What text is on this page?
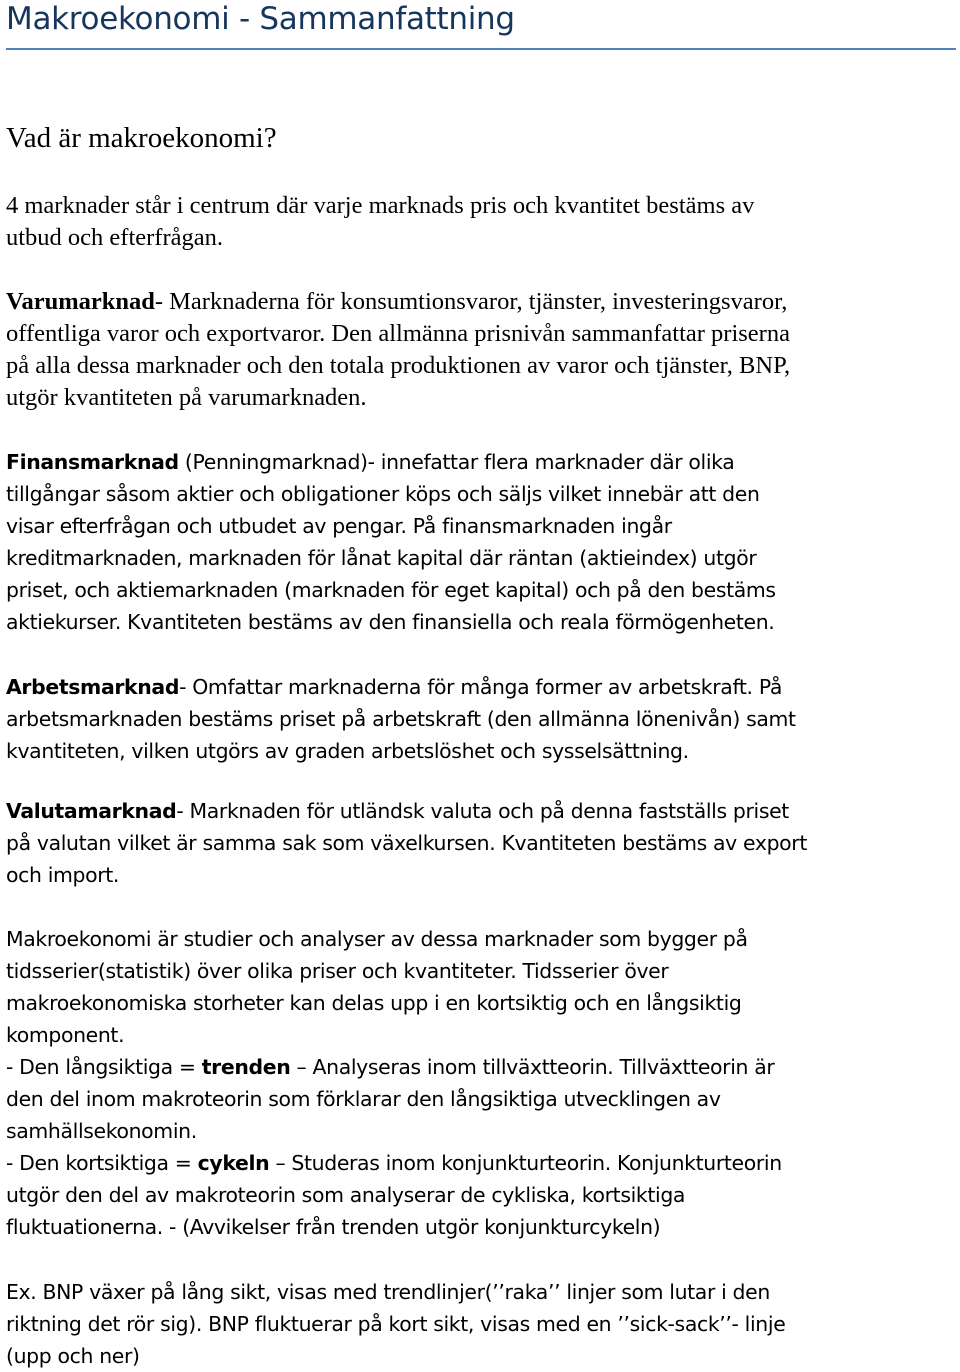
Makroekonomi - Sammanfattning
Vad är makroekonomi?
4 marknader står i centrum där varje marknads pris och kvantitet bestäms av
utbud och efterfrågan.
Varumarknad- Marknaderna för konsumtionsvaror, tjänster, investeringsvaror,
offentliga varor och exportvaror. Den allmänna prisnivån sammanfattar priserna
på alla dessa marknader och den totala produktionen av varor och tjänster, BNP,
utgör kvantiteten på varumarknaden.
Finansmarknad (Penningmarknad)- innefattar flera marknader där olika
tillgångar såsom aktier och obligationer köps och säljs vilket innebär att den
visar efterfrågan och utbudet av pengar. På finansmarknaden ingår
kreditmarknaden, marknaden för lånat kapital där räntan (aktieindex) utgör
priset, och aktiemarknaden (marknaden för eget kapital) och på den bestäms
aktiekurser. Kvantiteten bestäms av den finansiella och reala förmögenheten.
Arbetsmarknad- Omfattar marknaderna för många former av arbetskraft. På
arbetsmarknaden bestäms priset på arbetskraft (den allmänna lönenivån) samt
kvantiteten, vilken utgörs av graden arbetslöshet och sysselsättning.
Valutamarknad- Marknaden för utländsk valuta och på denna fastställs priset
på valutan vilket är samma sak som växelkursen. Kvantiteten bestäms av export
och import.
Makroekonomi är studier och analyser av dessa marknader som bygger på
tidsserier(statistik) över olika priser och kvantiteter. Tidsserier över
makroekonomiska storheter kan delas upp i en kortsiktig och en långsiktig
komponent.
- Den långsiktiga = trenden – Analyseras inom tillväxtteorin. Tillväxtteorin är
den del inom makroteorin som förklarar den långsiktiga utvecklingen av
samhällsekonomin.
- Den kortsiktiga = cykeln – Studeras inom konjunkturteorin. Konjunkturteorin
utgör den del av makroteorin som analyserar de cykliska, kortsiktiga
fluktuationerna. - (Avvikelser från trenden utgör konjunkturcykeln)
Ex. BNP växer på lång sikt, visas med trendlinjer(’’raka’’ linjer som lutar i den
riktning det rör sig). BNP fluktuerar på kort sikt, visas med en ’’sick-sack’’- linje
(upp och ner)
